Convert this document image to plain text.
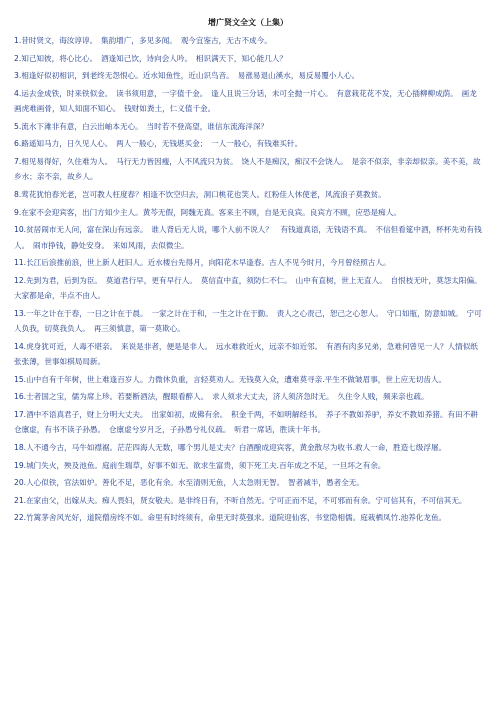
增广贤文全文（上集）

1.昔时贤文，诲汝谆谆。　集韵增广，多见多闻。　观今宜鉴古，无古不成今。

2.知己知彼，将心比心。　酒逢知己饮，诗向会人吟。　相识满天下，知心能几人？

3.相逢好似初相识，到老终无怨恨心。近水知鱼性，近山识鸟音。　易涨易退山溪水，易反易覆小人心。

4.运去金成铁，时来铁似金。　读书须用意，一字值千金。　逢人且说三分话，未可全抛一片心。　有意栽花花不发，无心插柳柳成荫。　画龙画虎难画骨，知人知面不知心。　钱财如粪土，仁义值千金。

5.流水下滩非有意，白云出岫本无心。　当时若不登高望，谁信东流海洋深？

6.路遥知马力，日久见人心。　两人一般心，无钱堪买金；　一人一般心，有钱难买针。

7.相见易得好，久住难为人。　马行无力皆因瘦，人不风流只为贫。　饶人不是痴汉，痴汉不会饶人。　是亲不似亲，非亲却似亲。美不美，故乡水；亲不亲，故乡人。

8.莺花犹怕春光老，岂可教人枉度春？相逢不饮空归去，洞口桃花也笑人。红粉佳人休使老，风流浪子莫教贫。

9.在家不会迎宾客，出门方知少主人。黄芩无假，阿魏无真。客来主不顾，自是无良宾。良宾方不顾，应恐是痴人。

10.贫居闹市无人问，富在深山有远亲。　谁人背后无人说，哪个人前不说人？　有钱道真语，无钱语不真。　不信但看筵中酒，杯杯先劝有钱人。　闹市挣钱，静处安身。　来如风雨，去似微尘。

11.长江后浪推前浪，世上新人赶旧人。近水楼台先得月，向阳花木早逢春。古人不见今时月，今月曾经照古人。

12.先到为君，后到为臣。　莫道君行早，更有早行人。　莫信直中直，须防仁不仁。　山中有直树，世上无直人。　自恨枝无叶，莫怨太阳偏。大家都是命，半点不由人。

13.一年之计在于春，一日之计在于晨。　一家之计在于和，一生之计在于勤。　责人之心责己，恕己之心恕人。　守口如瓶，防意如城。　宁可人负我，切莫我负人。　再三须慎意，第一莫欺心。

14.虎身犹可近，人毒不堪亲。　来说是非者，便是是非人。　远水难救近火，远亲不如近邻。　有酒有肉多兄弟，急难何曾见一人？人情似纸张张薄，世事如棋局局新。

15.山中自有千年树，世上难逢百岁人。力微休负重，言轻莫劝人。无钱莫入众，遭难莫寻亲.平生不做皱眉事，世上应无切齿人。

16.士者国之宝，儒为席上珍。若要断酒法，醒眼看醉人。　求人须求大丈夫，济人须济急时无。　久住令人贱，频来亲也疏。

17.酒中不语真君子，财上分明大丈夫。　出家如初，成佛有余。　积金千两，不如明解经书。　养子不教如养驴，养女不教如养猪。有田不耕仓廪虚，有书不读子孙愚。　仓廪虚兮岁月乏，子孙愚兮礼仪疏。　听君一席话，胜读十年书。

18.人不通今古，马牛如襟裾。茫茫四海人无数，哪个男儿是丈夫？白酒酿成迎宾客，黄金散尽为收书.救人一命，胜造七级浮屠。

19.城门失火，殃及池鱼。庭前生瑞草，好事不如无。欲求生富贵，须下死工夫.百年成之不足，一旦坏之有余。

20.人心似铁，官法如炉。善化不足，恶化有余。水至清则无鱼，人太急则无智。　智者减半，愚者全无。

21.在家由父，出嫁从夫。痴人畏妇，贤女敬夫。是非终日有，不听自然无。宁可正而不足，不可邪而有余。宁可信其有，不可信其无。

22.竹篱茅舍风光好，道院僧房终不如。命里有时终须有，命里无时莫强求。道院迎仙客，书堂隐相儒。庭栽栖凤竹.池养化龙鱼。
